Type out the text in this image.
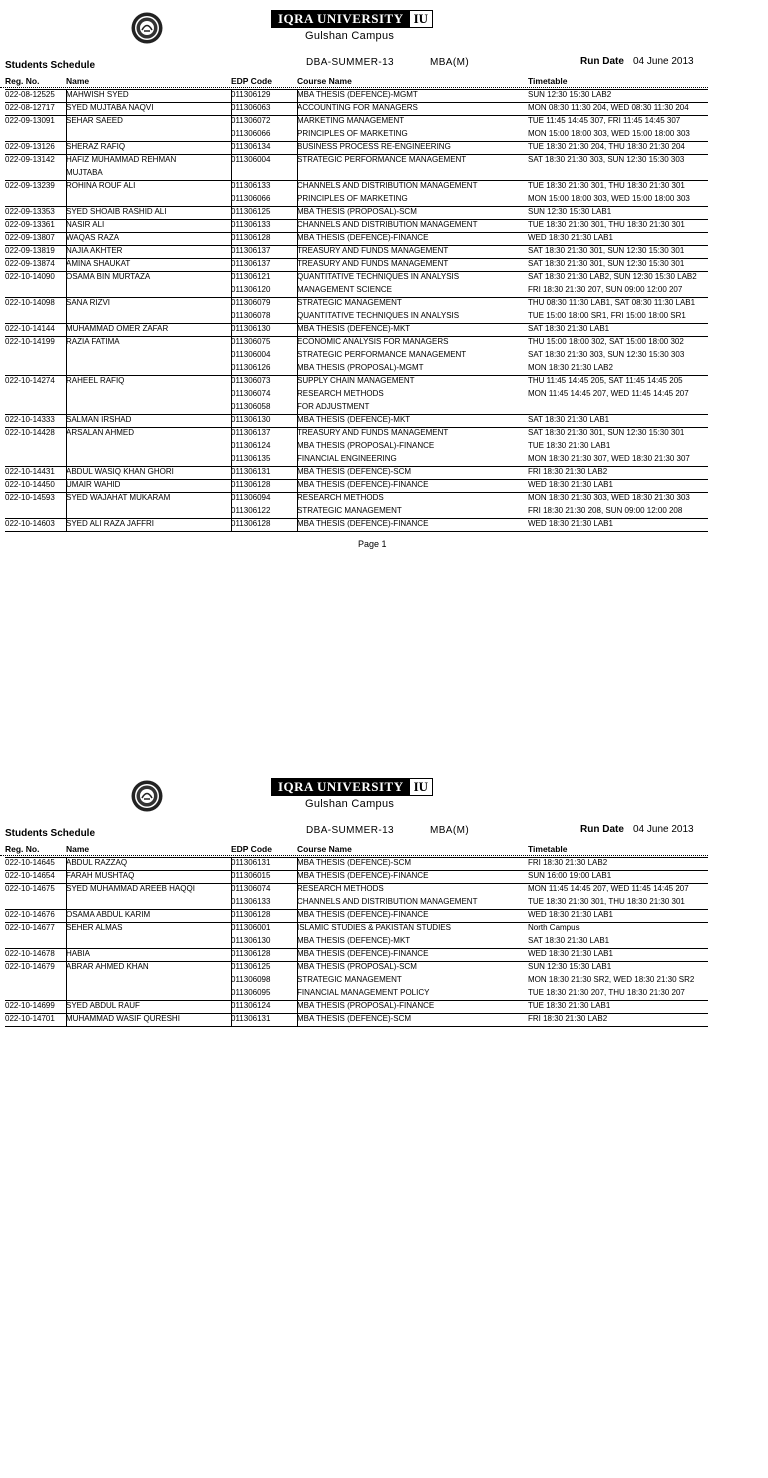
IQRA UNIVERSITY IU
Gulshan Campus
Students Schedule	DBA-SUMMER-13	MBA(M)	Run Date 04 June 2013
Reg. No.	Name	EDP Code	Course Name	Timetable
022-08-12525 MAHWISH SYED	011306129	MBA THESIS (DEFENCE)-MGMT	SUN 12:30 15:30 LAB2
022-08-12717 SYED MUJTABA NAQVI	011306063	ACCOUNTING FOR MANAGERS	MON 08:30 11:30 204, WED 08:30 11:30 204
022-09-13091 SEHAR SAEED	011306072	MARKETING MANAGEMENT	TUE 11:45 14:45 307, FRI 11:45 14:45 307
011306066	PRINCIPLES OF MARKETING	MON 15:00 18:00 303, WED 15:00 18:00 303
022-09-13126 SHERAZ RAFIQ	011306134	BUSINESS PROCESS RE-ENGINEERING	TUE 18:30 21:30 204, THU 18:30 21:30 204
022-09-13142 HAFIZ MUHAMMAD REHMAN	011306004	STRATEGIC PERFORMANCE MANAGEMENT	SAT 18:30 21:30 303, SUN 12:30 15:30 303
MUJTABA
022-09-13239 ROHINA ROUF ALI	011306133	CHANNELS AND DISTRIBUTION MANAGEMENT	TUE 18:30 21:30 301, THU 18:30 21:30 301
011306066	PRINCIPLES OF MARKETING	MON 15:00 18:00 303, WED 15:00 18:00 303
022-09-13353 SYED SHOAIB RASHID ALI	011306125	MBA THESIS (PROPOSAL)-SCM	SUN 12:30 15:30 LAB1
022-09-13361 NASIR ALI	011306133	CHANNELS AND DISTRIBUTION MANAGEMENT	TUE 18:30 21:30 301, THU 18:30 21:30 301
022-09-13807 WAQAS RAZA	011306128	MBA THESIS (DEFENCE)-FINANCE	WED 18:30 21:30 LAB1
022-09-13819 NAJIA AKHTER	011306137	TREASURY AND FUNDS MANAGEMENT	SAT 18:30 21:30 301, SUN 12:30 15:30 301
022-09-13874 AMINA SHAUKAT	011306137	TREASURY AND FUNDS MANAGEMENT	SAT 18:30 21:30 301, SUN 12:30 15:30 301
022-10-14090 OSAMA BIN MURTAZA	011306121	QUANTITATIVE TECHNIQUES IN ANALYSIS	SAT 18:30 21:30 LAB2, SUN 12:30 15:30 LAB2
011306120	MANAGEMENT SCIENCE	FRI 18:30 21:30 207, SUN 09:00 12:00 207
022-10-14098 SANA RIZVI	011306079	STRATEGIC MANAGEMENT	THU 08:30 11:30 LAB1, SAT 08:30 11:30 LAB1
011306078	QUANTITATIVE TECHNIQUES IN ANALYSIS	TUE 15:00 18:00 SR1, FRI 15:00 18:00 SR1
022-10-14144 MUHAMMAD OMER ZAFAR	011306130	MBA THESIS (DEFENCE)-MKT	SAT 18:30 21:30 LAB1
022-10-14199 RAZIA FATIMA	011306075	ECONOMIC ANALYSIS FOR MANAGERS	THU 15:00 18:00 302, SAT 15:00 18:00 302
011306004	STRATEGIC PERFORMANCE MANAGEMENT	SAT 18:30 21:30 303, SUN 12:30 15:30 303
011306126	MBA THESIS (PROPOSAL)-MGMT	MON 18:30 21:30 LAB2
022-10-14274 RAHEEL RAFIQ	011306073	SUPPLY CHAIN MANAGEMENT	THU 11:45 14:45 205, SAT 11:45 14:45 205
011306074	RESEARCH METHODS	MON 11:45 14:45 207, WED 11:45 14:45 207
011306058	FOR ADJUSTMENT
022-10-14333 SALMAN IRSHAD	011306130	MBA THESIS (DEFENCE)-MKT	SAT 18:30 21:30 LAB1
022-10-14428 ARSALAN AHMED	011306137	TREASURY AND FUNDS MANAGEMENT	SAT 18:30 21:30 301, SUN 12:30 15:30 301
011306124	MBA THESIS (PROPOSAL)-FINANCE	TUE 18:30 21:30 LAB1
011306135	FINANCIAL ENGINEERING	MON 18:30 21:30 307, WED 18:30 21:30 307
022-10-14431 ABDUL WASIQ KHAN GHORI	011306131	MBA THESIS (DEFENCE)-SCM	FRI 18:30 21:30 LAB2
022-10-14450 UMAIR WAHID	011306128	MBA THESIS (DEFENCE)-FINANCE	WED 18:30 21:30 LAB1
022-10-14593 SYED WAJAHAT MUKARAM	011306094	RESEARCH METHODS	MON 18:30 21:30 303, WED 18:30 21:30 303
011306122	STRATEGIC MANAGEMENT	FRI 18:30 21:30 208, SUN 09:00 12:00 208
022-10-14603 SYED ALI RAZA JAFFRI	011306128	MBA THESIS (DEFENCE)-FINANCE	WED 18:30 21:30 LAB1
Page 1
IQRA UNIVERSITY IU
Gulshan Campus
Students Schedule	DBA-SUMMER-13	MBA(M)	Run Date 04 June 2013
Reg. No.	Name	EDP Code	Course Name	Timetable
022-10-14645 ABDUL RAZZAQ	011306131	MBA THESIS (DEFENCE)-SCM	FRI 18:30 21:30 LAB2
022-10-14654 FARAH MUSHTAQ	011306015	MBA THESIS (DEFENCE)-FINANCE	SUN 16:00 19:00 LAB1
022-10-14675 SYED MUHAMMAD AREEB HAQQI	011306074	RESEARCH METHODS	MON 11:45 14:45 207, WED 11:45 14:45 207
011306133	CHANNELS AND DISTRIBUTION MANAGEMENT	TUE 18:30 21:30 301, THU 18:30 21:30 301
022-10-14676 OSAMA ABDUL KARIM	011306128	MBA THESIS (DEFENCE)-FINANCE	WED 18:30 21:30 LAB1
022-10-14677 SEHER ALMAS	011306001	ISLAMIC STUDIES & PAKISTAN STUDIES	North Campus
011306130	MBA THESIS (DEFENCE)-MKT	SAT 18:30 21:30 LAB1
022-10-14678 HABIA	011306128	MBA THESIS (DEFENCE)-FINANCE	WED 18:30 21:30 LAB1
022-10-14679 ABRAR AHMED KHAN	011306125	MBA THESIS (PROPOSAL)-SCM	SUN 12:30 15:30 LAB1
011306098	STRATEGIC MANAGEMENT	MON 18:30 21:30 SR2, WED 18:30 21:30 SR2
011306095	FINANCIAL MANAGEMENT POLICY	TUE 18:30 21:30 207, THU 18:30 21:30 207
022-10-14699 SYED ABDUL RAUF	011306124	MBA THESIS (PROPOSAL)-FINANCE	TUE 18:30 21:30 LAB1
022-10-14701 MUHAMMAD WASIF QURESHI	011306131	MBA THESIS (DEFENCE)-SCM	FRI 18:30 21:30 LAB2
